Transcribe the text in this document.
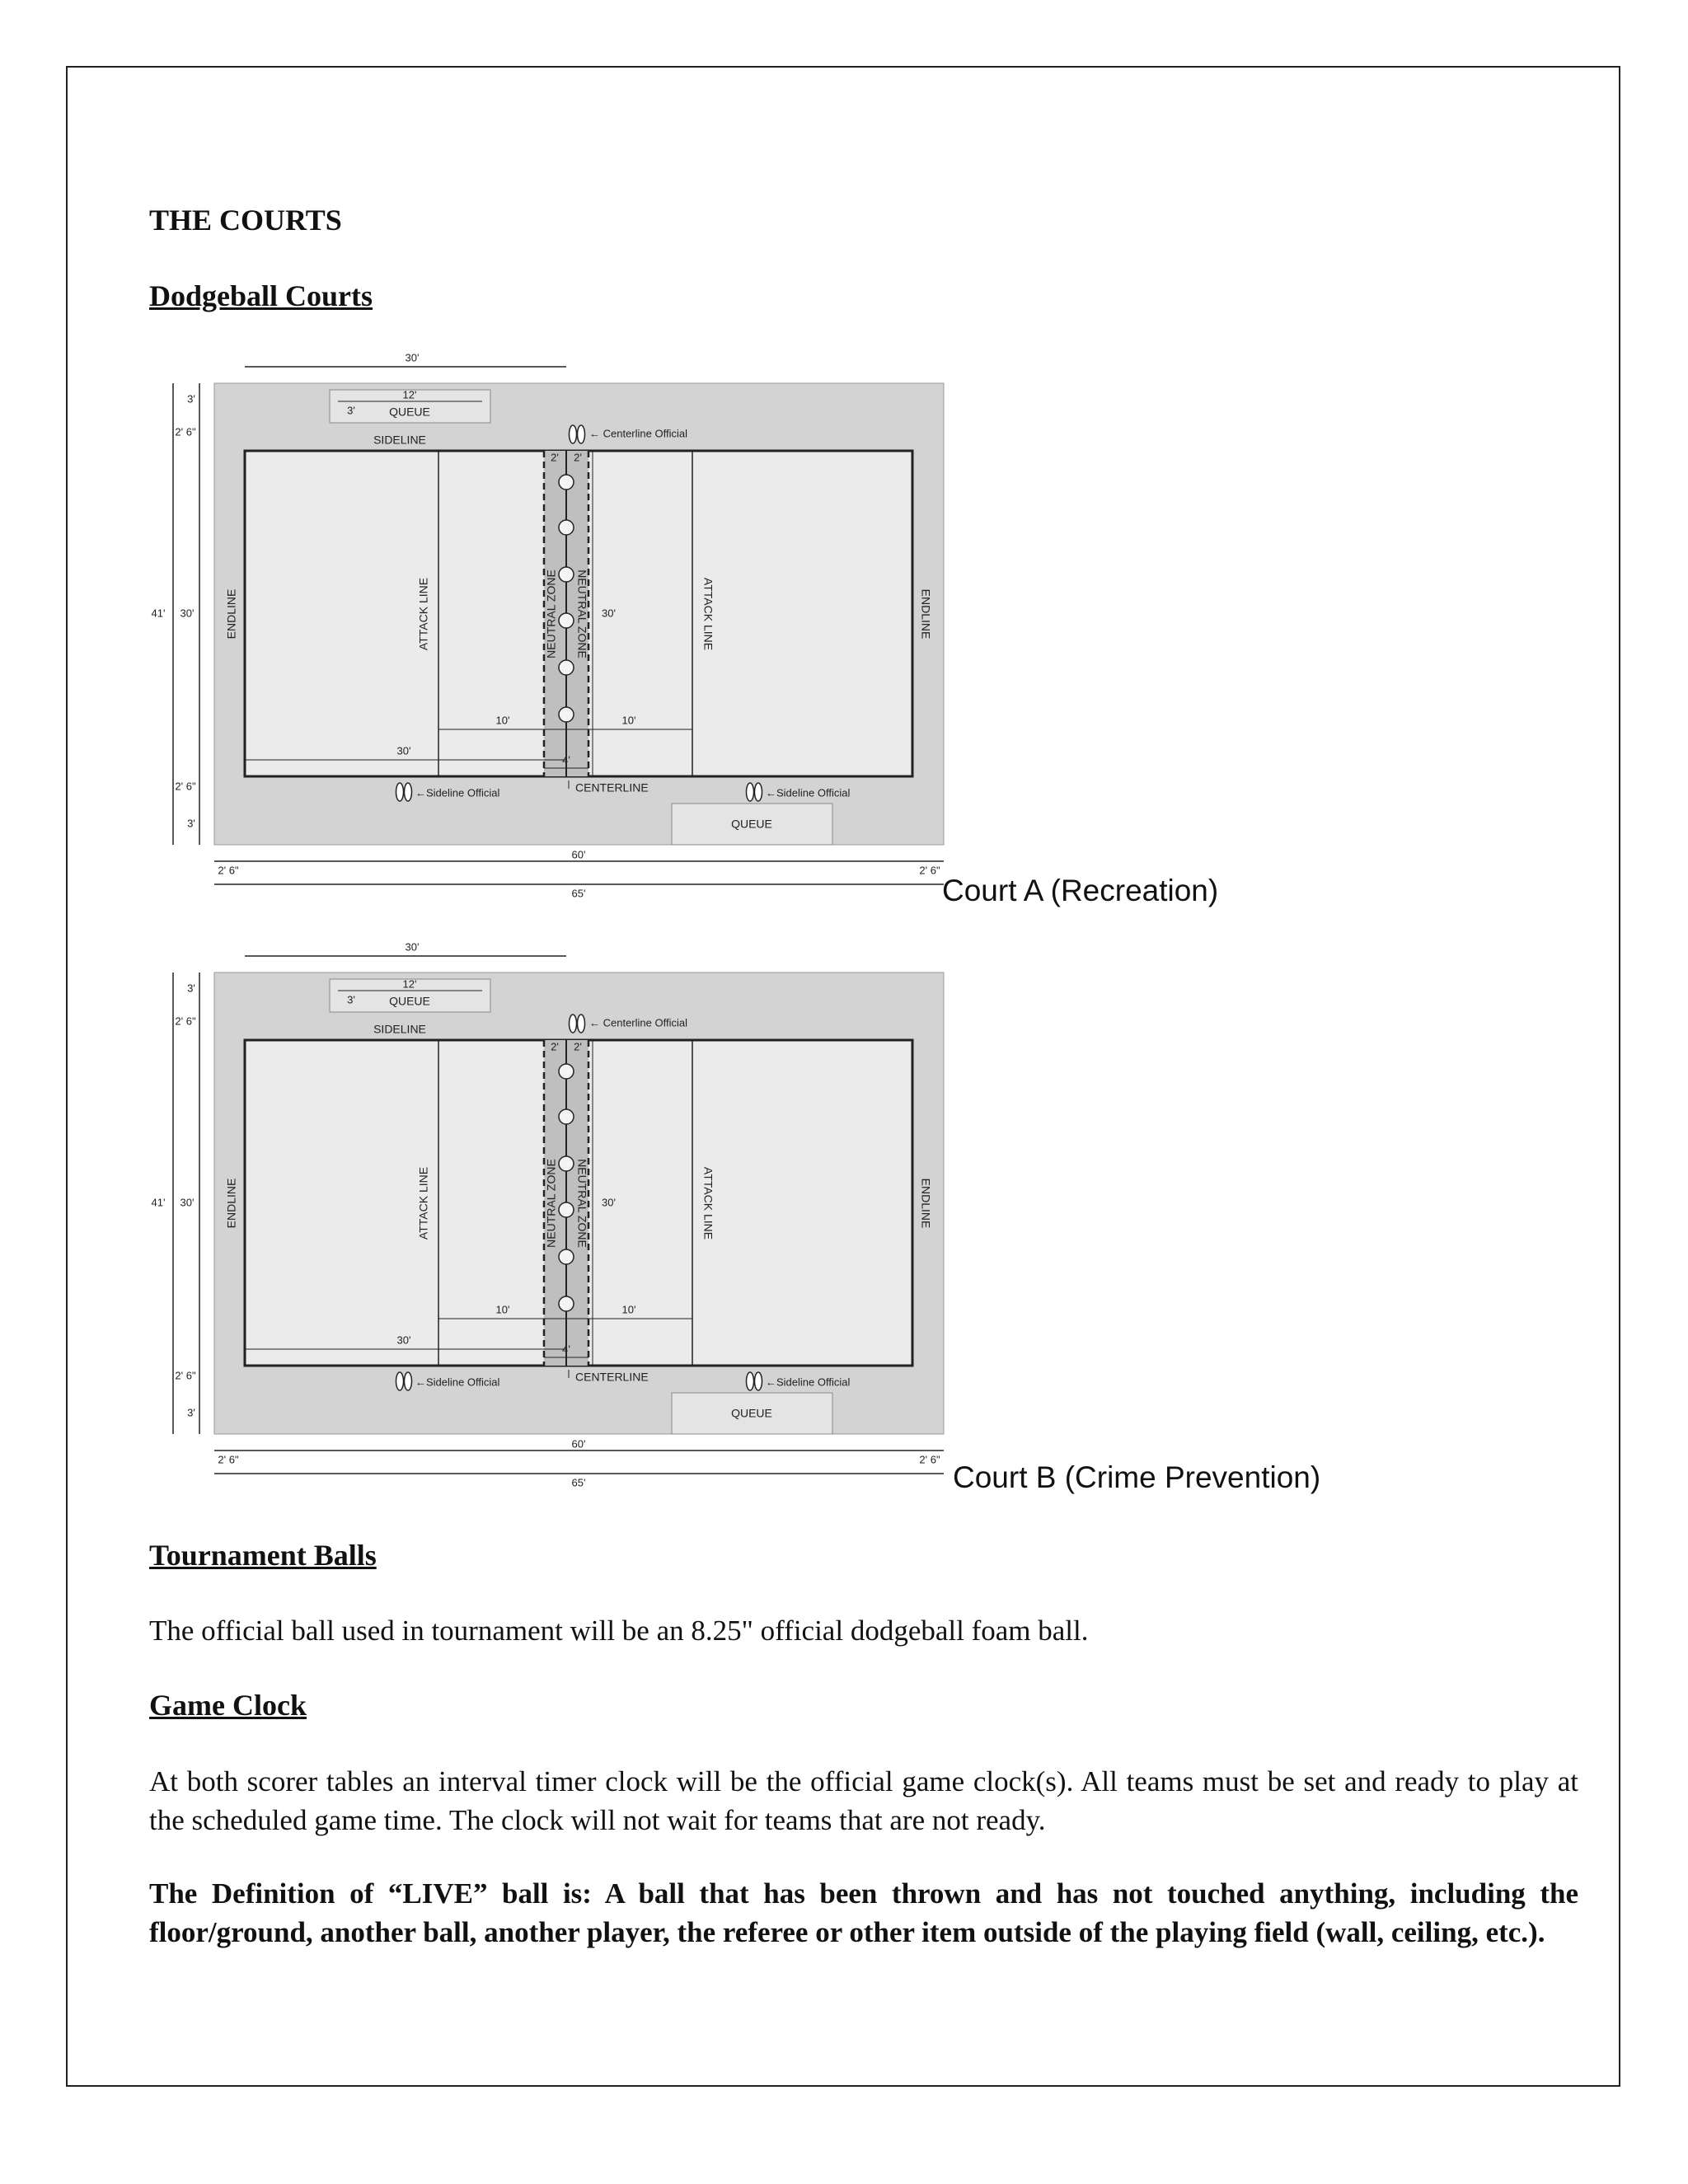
THE COURTS
Dodgeball Courts
QUEUE
12'
3'
QUEUE
SIDELINE
ENDLINE	ENDLINE
ATTACK LINE	ATTACK LINE
NEUTRAL ZONE NEUTRAL ZONE
← Centerline Official
←Sideline Official	←Sideline Official
CENTERLINE
30'
41'
3'
2' 6"
30'
2' 6"
3'
2' 2'
30'
10'	10'
30'
4'
60'
2' 6"	2' 6"
65'	Court A (Recreation)
QUEUE
12'
3'
QUEUE
SIDELINE
ENDLINE	ENDLINE
ATTACK LINE	ATTACK LINE
NEUTRAL ZONE NEUTRAL ZONE
← Centerline Official
←Sideline Official	←Sideline Official
CENTERLINE
30'
41'
3'
2' 6"
30'
2' 6"
3'
2' 2'
30'
10'	10'
30'
4'
60'
2' 6"	2' 6"
65'	Court B (Crime Prevention)
Tournament Balls

The official ball used in tournament will be an 8.25" official dodgeball foam ball.

Game Clock

At both scorer tables an interval timer clock will be the official game clock(s). All teams must be set and ready to play at the scheduled game time. The clock will not wait for teams that are not ready.

The Definition of “LIVE” ball is: A ball that has been thrown and has not touched anything, including the floor/ground, another ball, another player, the referee or other item outside of the playing field (wall, ceiling, etc.).
